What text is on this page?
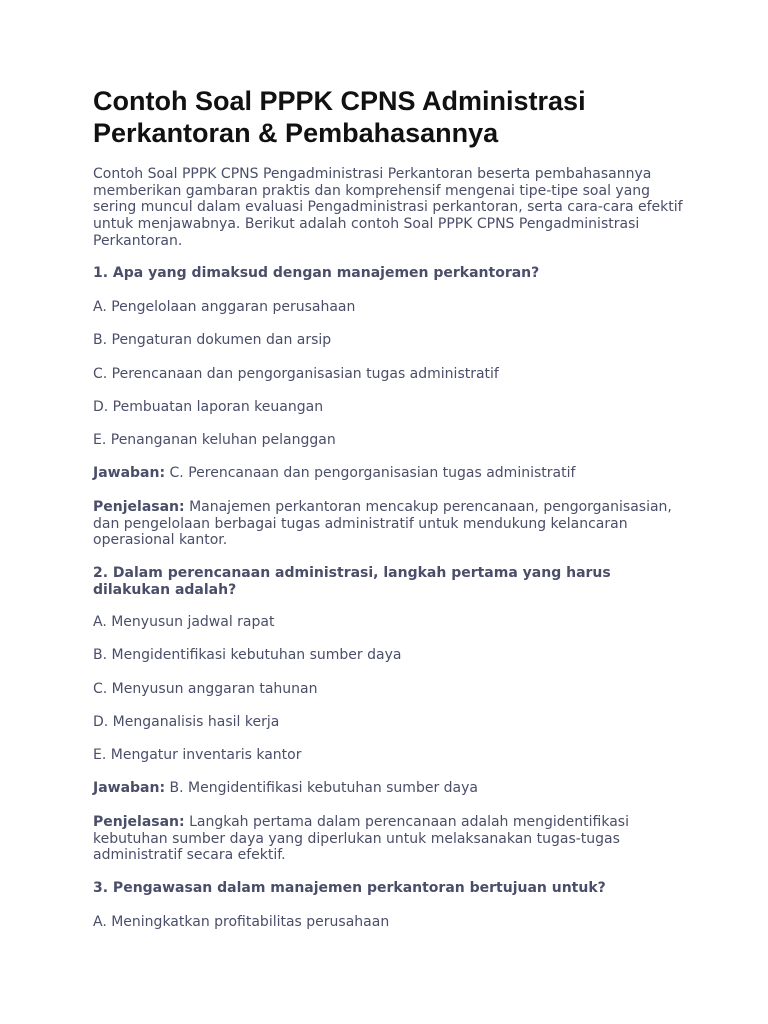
Contoh Soal PPPK CPNS Administrasi Perkantoran & Pembahasannya

Contoh Soal PPPK CPNS Pengadministrasi Perkantoran beserta pembahasannya memberikan gambaran praktis dan komprehensif mengenai tipe-tipe soal yang sering muncul dalam evaluasi Pengadministrasi perkantoran, serta cara-cara efektif untuk menjawabnya. Berikut adalah contoh Soal PPPK CPNS Pengadministrasi Perkantoran.

1. Apa yang dimaksud dengan manajemen perkantoran?

A. Pengelolaan anggaran perusahaan

B. Pengaturan dokumen dan arsip

C. Perencanaan dan pengorganisasian tugas administratif

D. Pembuatan laporan keuangan

E. Penanganan keluhan pelanggan

Jawaban: C. Perencanaan dan pengorganisasian tugas administratif

Penjelasan: Manajemen perkantoran mencakup perencanaan, pengorganisasian, dan pengelolaan berbagai tugas administratif untuk mendukung kelancaran operasional kantor.

2. Dalam perencanaan administrasi, langkah pertama yang harus dilakukan adalah?

A. Menyusun jadwal rapat

B. Mengidentifikasi kebutuhan sumber daya

C. Menyusun anggaran tahunan

D. Menganalisis hasil kerja

E. Mengatur inventaris kantor

Jawaban: B. Mengidentifikasi kebutuhan sumber daya

Penjelasan: Langkah pertama dalam perencanaan adalah mengidentifikasi kebutuhan sumber daya yang diperlukan untuk melaksanakan tugas-tugas administratif secara efektif.

3. Pengawasan dalam manajemen perkantoran bertujuan untuk?

A. Meningkatkan profitabilitas perusahaan
